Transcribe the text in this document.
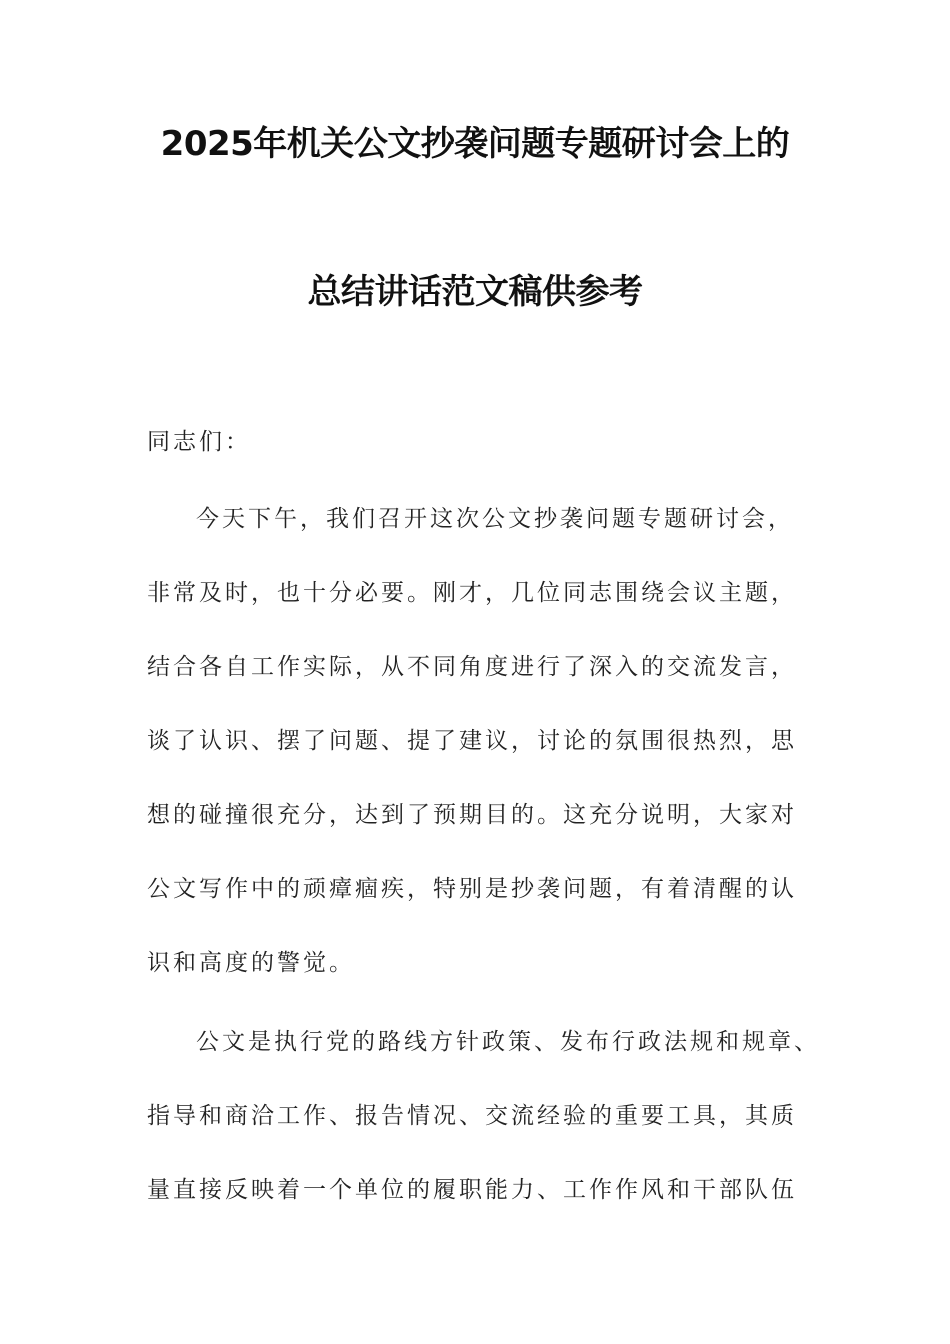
2025年机关公文抄袭问题专题研讨会上的
总结讲话范文稿供参考
同志们：
今天下午，我们召开这次公文抄袭问题专题研讨会，
非常及时，也十分必要。刚才，几位同志围绕会议主题，
结合各自工作实际，从不同角度进行了深入的交流发言，
谈了认识、摆了问题、提了建议，讨论的氛围很热烈，思
想的碰撞很充分，达到了预期目的。这充分说明，大家对
公文写作中的顽瘴痼疾，特别是抄袭问题，有着清醒的认
识和高度的警觉。
公文是执行党的路线方针政策、发布行政法规和规章、
指导和商洽工作、报告情况、交流经验的重要工具，其质
量直接反映着一个单位的履职能力、工作作风和干部队伍
